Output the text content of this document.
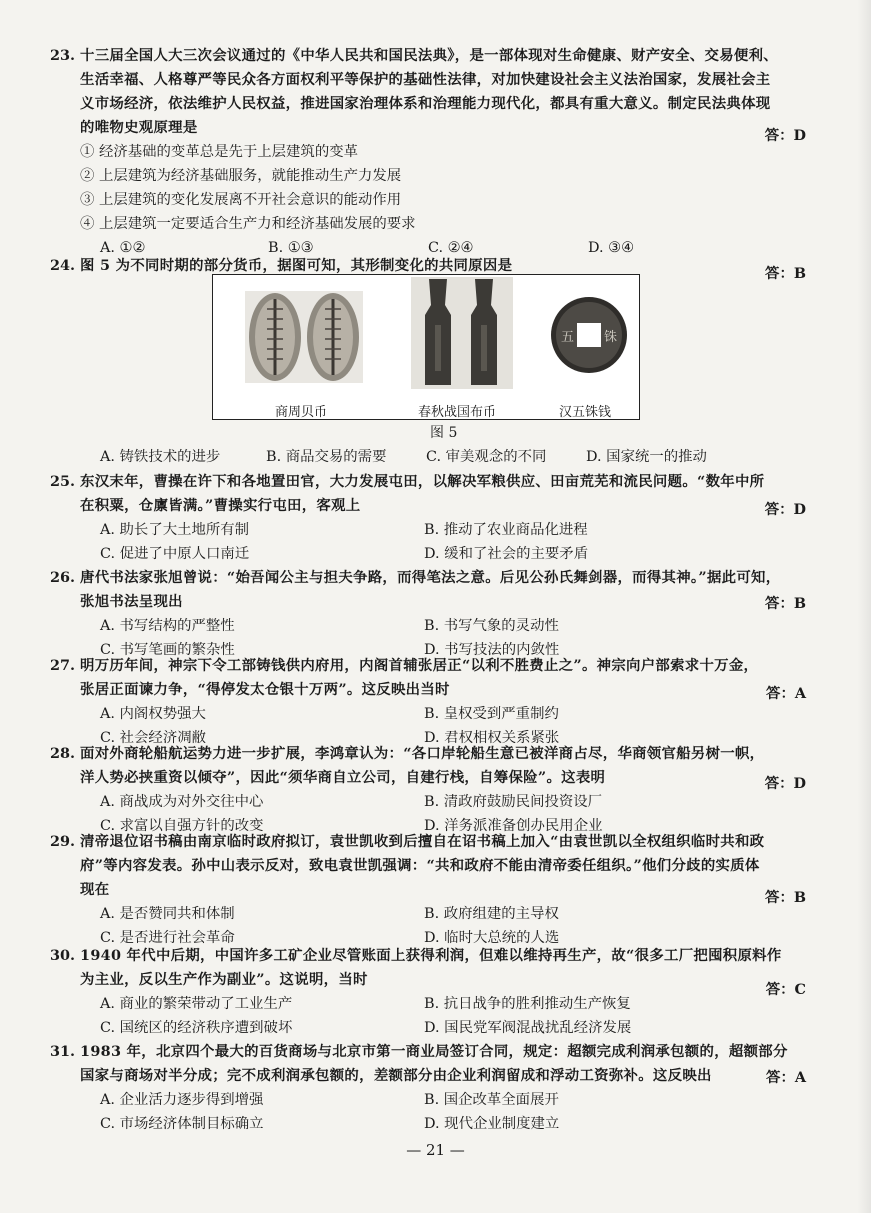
23. 十三届全国人大三次会议通过的《中华人民共和国民法典》，是一部体现对生命健康、财产安全、交易便利、
生活幸福、人格尊严等民众各方面权利平等保护的基础性法律，对加快建设社会主义法治国家，发展社会主
义市场经济，依法维护人民权益，推进国家治理体系和治理能力现代化，都具有重大意义。制定民法典体现
的唯物史观原理是	答：D
① 经济基础的变革总是先于上层建筑的变革
② 上层建筑为经济基础服务，就能推动生产力发展
③ 上层建筑的变化发展离不开社会意识的能动作用
④ 上层建筑一定要适合生产力和经济基础发展的要求
A. ①②	B. ①③	C. ②④	D. ③④
24. 图 5 为不同时期的部分货币，据图可知，其形制变化的共同原因是	答：B
五 铢
商周贝币	春秋战国布币	汉五铢钱
图 5
A. 铸铁技术的进步	B. 商品交易的需要	C. 审美观念的不同	D. 国家统一的推动
25. 东汉末年，曹操在许下和各地置田官，大力发展屯田，以解决军粮供应、田亩荒芜和流民问题。“数年中所
在积粟，仓廪皆满。”曹操实行屯田，客观上	答：D
A. 助长了大土地所有制	B. 推动了农业商品化进程
C. 促进了中原人口南迁	D. 缓和了社会的主要矛盾
26. 唐代书法家张旭曾说：“始吾闻公主与担夫争路，而得笔法之意。后见公孙氏舞剑器，而得其神。”据此可知，
张旭书法呈现出	答：B
A. 书写结构的严整性	B. 书写气象的灵动性
C. 书写笔画的繁杂性	D. 书写技法的内敛性
27. 明万历年间，神宗下令工部铸钱供内府用，内阁首辅张居正“以利不胜费止之”。神宗向户部索求十万金，
张居正面谏力争，“得停发太仓银十万两”。这反映出当时	答：A
A. 内阁权势强大	B. 皇权受到严重制约
C. 社会经济凋敝	D. 君权相权关系紧张
28. 面对外商轮船航运势力进一步扩展，李鸿章认为：“各口岸轮船生意已被洋商占尽，华商领官船另树一帜，
洋人势必挟重资以倾夺”，因此“须华商自立公司，自建行栈，自筹保险”。这表明	答：D
A. 商战成为对外交往中心	B. 清政府鼓励民间投资设厂
C. 求富以自强方针的改变	D. 洋务派准备创办民用企业
29. 清帝退位诏书稿由南京临时政府拟订，袁世凯收到后擅自在诏书稿上加入“由袁世凯以全权组织临时共和政
府”等内容发表。孙中山表示反对，致电袁世凯强调：“共和政府不能由清帝委任组织。”他们分歧的实质体
现在	答：B
A. 是否赞同共和体制	B. 政府组建的主导权
C. 是否进行社会革命	D. 临时大总统的人选
30. 1940 年代中后期，中国许多工矿企业尽管账面上获得利润，但难以维持再生产，故“很多工厂把囤积原料作
为主业，反以生产作为副业”。这说明，当时
答：C
A. 商业的繁荣带动了工业生产	B. 抗日战争的胜利推动生产恢复
C. 国统区的经济秩序遭到破坏	D. 国民党军阀混战扰乱经济发展
31. 1983 年，北京四个最大的百货商场与北京市第一商业局签订合同，规定：超额完成利润承包额的，超额部分
国家与商场对半分成；完不成利润承包额的，差额部分由企业利润留成和浮动工资弥补。这反映出	答：A
A. 企业活力逐步得到增强	B. 国企改革全面展开
C. 市场经济体制目标确立	D. 现代企业制度建立
— 21 —
